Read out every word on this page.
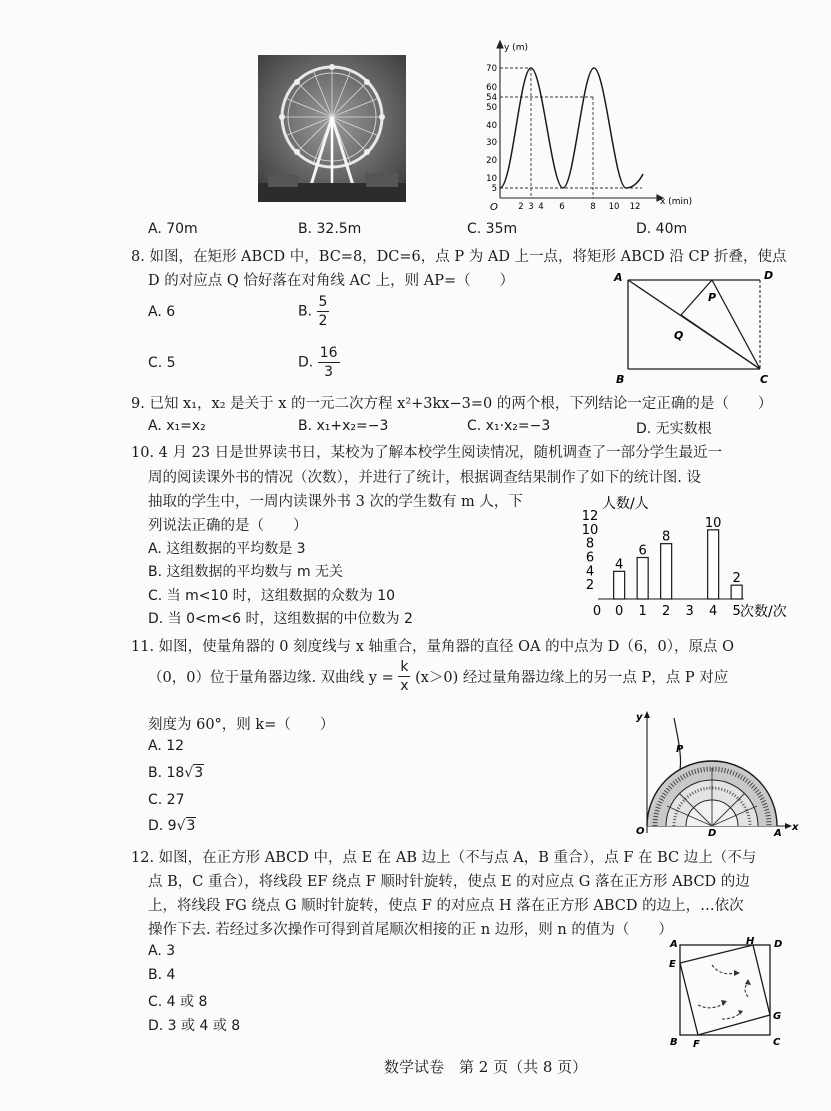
y (m)
x (min)
O
70
60
54
50
40
30
20
10
5
2 3 4 6	8 10 12
A. 70m	B. 32.5m	C. 35m	D. 40m
8. 如图，在矩形 ABCD 中，BC=8，DC=6，点 P 为 AD 上一点，将矩形 ABCD 沿 CP 折叠，使点
D 的对应点 Q 恰好落在对角线 AC 上，则 AP=（　　）
A. 6	B. $\frac{5}{2}$
C. 5	D. $\frac{16}{3}$
A	D
P
Q
B	C
9. 已知 x₁，x₂ 是关于 x 的一元二次方程 x²+3kx−3=0 的两个根，下列结论一定正确的是（　　）
A. x₁=x₂	B. x₁+x₂=−3	C. x₁·x₂=−3	D. 无实数根
10. 4 月 23 日是世界读书日，某校为了解本校学生阅读情况，随机调查了一部分学生最近一
周的阅读课外书的情况（次数），并进行了统计，根据调查结果制作了如下的统计图. 设
抽取的学生中，一周内读课外书 3 次的学生数有 m 人，下
列说法正确的是（　　）
A. 这组数据的平均数是 3
B. 这组数据的平均数与 m 无关
C. 当 m<10 时，这组数据的众数为 10
D. 当 0<m<6 时，这组数据的中位数为 2
人数/人
次数/次
4
6
8
10
2
2
4
6
8
10
12
0 0 1 2 3 4 5
11. 如图，使量角器的 0 刻度线与 x 轴重合，量角器的直径 OA 的中点为 D（6，0），原点 O
（0，0）位于量角器边缘. 双曲线 $y = \frac{k}{x} (x>0)$ 经过量角器边缘上的另一点 P，点 P 对应
刻度为 60°，则 k=（　　）
A. 12
B. 18√3
C. 27
D. 9√3
y
x
O
P
D	A
12. 如图，在正方形 ABCD 中，点 E 在 AB 边上（不与点 A，B 重合），点 F 在 BC 边上（不与
点 B，C 重合），将线段 EF 绕点 F 顺时针旋转，使点 E 的对应点 G 落在正方形 ABCD 的边
上，将线段 FG 绕点 G 顺时针旋转，使点 F 的对应点 H 落在正方形 ABCD 的边上，…依次
操作下去. 若经过多次操作可得到首尾顺次相接的正 n 边形，则 n 的值为（　　）
A. 3
B. 4
C. 4 或 8
D. 3 或 4 或 8
A	H D
E
G
B F	C
数学试卷　第 2 页（共 8 页）
